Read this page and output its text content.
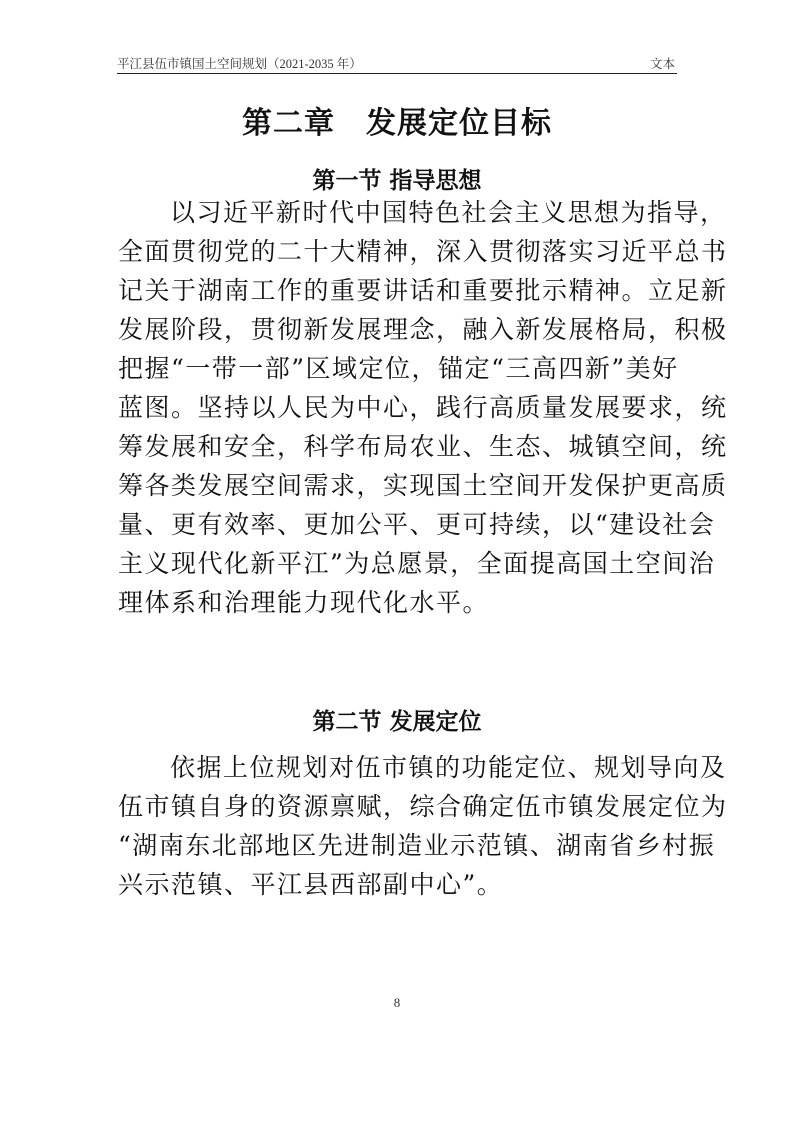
平江县伍市镇国土空间规划（2021-2035 年）	文本
第二章　发展定位目标
第一节 指导思想
以习近平新时代中国特色社会主义思想为指导，
全面贯彻党的二十大精神，深入贯彻落实习近平总书
记关于湖南工作的重要讲话和重要批示精神。立足新
发展阶段，贯彻新发展理念，融入新发展格局，积极
把握“一带一部”区域定位，锚定“三高四新”美好
蓝图。坚持以人民为中心，践行高质量发展要求，统
筹发展和安全，科学布局农业、生态、城镇空间，统
筹各类发展空间需求，实现国土空间开发保护更高质
量、更有效率、更加公平、更可持续，以“建设社会
主义现代化新平江”为总愿景，全面提高国土空间治
理体系和治理能力现代化水平。
第二节 发展定位
依据上位规划对伍市镇的功能定位、规划导向及
伍市镇自身的资源禀赋，综合确定伍市镇发展定位为
“湖南东北部地区先进制造业示范镇、湖南省乡村振
兴示范镇、平江县西部副中心”。
8
